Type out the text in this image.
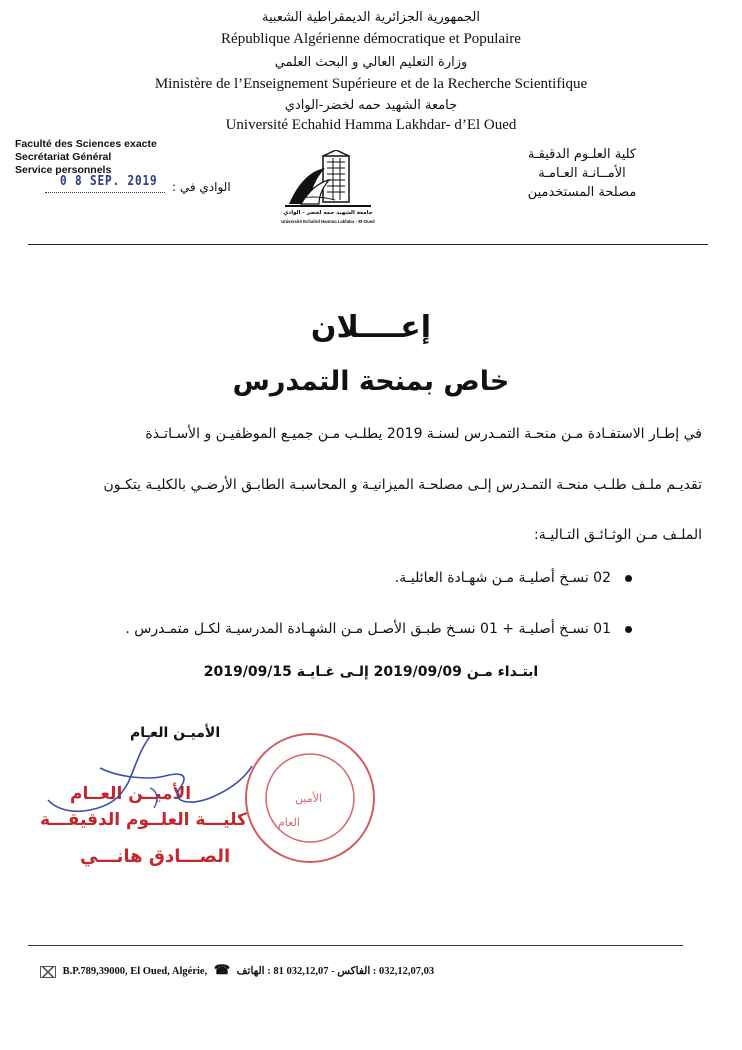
الجمهورية الجزائرية الديمقراطية الشعبية
République Algérienne démocratique et Populaire
وزارة التعليم العالي و البحث العلمي
Ministère de l’Enseignement Supérieure et de la Recherche Scientifique
جامعة الشهيد حمه لخضر-الوادي
Université Echahid Hamma Lakhdar- d’El Oued
Faculté des Sciences exacte
Secrétariat Général
Service personnels
0 8 SEP. 2019 الوادي في :
جامعة الشهيد حمه لخضر - الوادي
Université Echahid Hamma Lakhdar - El-Oued
كلية العلـوم الدقيقـة
الأمــانـة العـامـة
مصلحة المستخدمين
إعــــلان
خاص بمنحة التمدرس
في إطـار الاستفـادة مـن منحـة التمـدرس لسنـة 2019 يطلـب مـن جميـع الموظفيـن و الأسـاتـذة
تقديـم ملـف طلـب منحـة التمـدرس إلـى مصلحـة الميزانيـة و المحاسبـة الطابـق الأرضـي بالكليـة يتكـون
الملـف مـن الوثـائـق التـاليـة:
02 نسـخ أصليـة مـن شهـادة العائليـة.
01 نسـخ أصليـة + 01 نسـخ طبـق الأصـل مـن الشهـادة المدرسيـة لكـل متمـدرس .
ابتـداء مـن 2019/09/09 إلـى غـايـة 2019/09/15
الأميـن العـام
الأمين
العام
الأميــن العــام
كليـــة العلــوم الدقيقـــة
الصـــادق هانـــي
B.P.789,39000, El Oued, Algérie, ☎ 032,12,07,03 : الفاكس - 032,12,07 81 : الهاتف
